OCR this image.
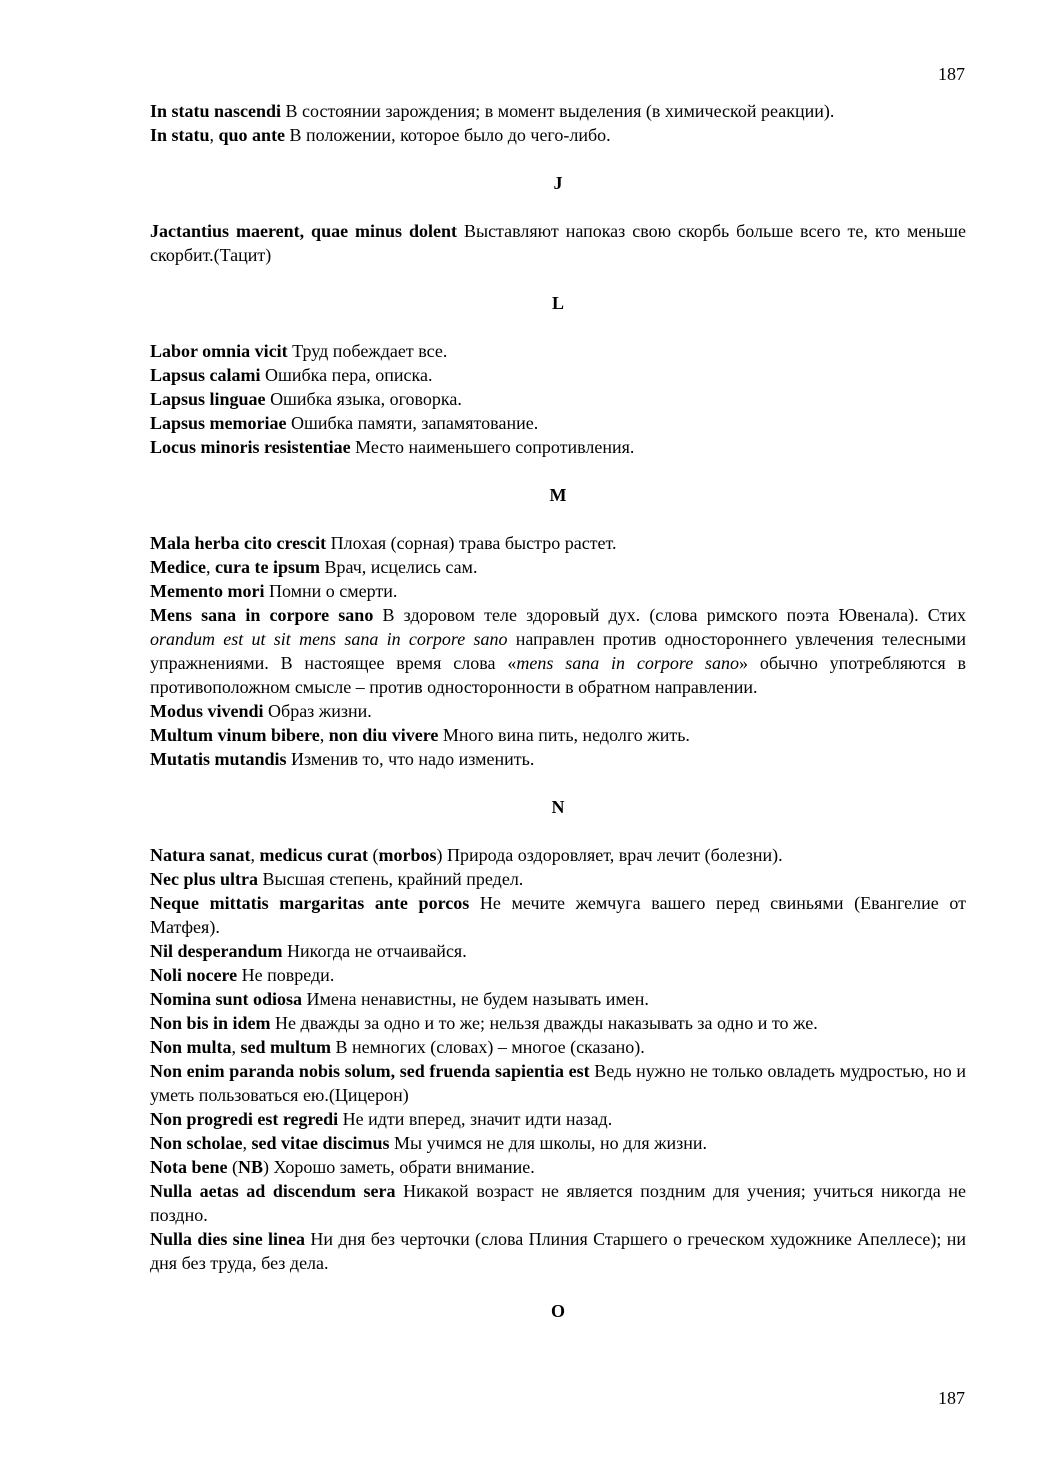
187

In statu nascendi В состоянии зарождения; в момент выделения (в химической реакции).

In statu, quo ante В положении, которое было до чего-либо.

J

Jactantius maerent, quae minus dolent Выставляют напоказ свою скорбь больше всего те, кто меньше скорбит.(Тацит)

L

Labor omnia vicit Труд побеждает все.

Lapsus calami Ошибка пера, описка.

Lapsus linguae Ошибка языка, оговорка.

Lapsus memoriae Ошибка памяти, запамятование.

Locus minoris resistentiae Место наименьшего сопротивления.

M

Mala herba cito crescit Плохая (сорная) трава быстро растет.

Medice, cura te ipsum Врач, исцелись сам.

Memento mori Помни о смерти.

Mens sana in corpore sano В здоровом теле здоровый дух. (слова римского поэта Ювенала). Стих orandum est ut sit mens sana in corpore sano направлен против одностороннего увлечения телесными упражнениями. В настоящее время слова «mens sana in corpore sano» обычно употребляются в противоположном смысле – против односторонности в обратном направлении.

Modus vivendi Образ жизни.

Multum vinum bibere, non diu vivere Много вина пить, недолго жить.

Mutatis mutandis Изменив то, что надо изменить.

N

Natura sanat, medicus curat (morbos) Природа оздоровляет, врач лечит (болезни).

Nec plus ultra Высшая степень, крайний предел.

Neque mittatis margaritas ante porcos Не мечите жемчуга вашего перед свиньями (Евангелие от Матфея).

Nil desperandum Никогда не отчаивайся.

Noli nocere Не повреди.

Nomina sunt odiosa Имена ненавистны, не будем называть имен.

Non bis in idem Не дважды за одно и то же; нельзя дважды наказывать за одно и то же.

Non multa, sed multum В немногих (словах) – многое (сказано).

Non enim paranda nobis solum, sed fruenda sapientia est Ведь нужно не только овладеть мудростью, но и уметь пользоваться ею.(Цицерон)

Non progredi est regredi Не идти вперед, значит идти назад.

Non scholae, sed vitae discimus Мы учимся не для школы, но для жизни.

Nota bene (NB) Хорошо заметь, обрати внимание.

Nulla aetas ad discendum sera Никакой возраст не является поздним для учения; учиться никогда не поздно.

Nulla dies sine linea Ни дня без черточки (слова Плиния Старшего о греческом художнике Апеллесе); ни дня без труда, без дела.

O
187
